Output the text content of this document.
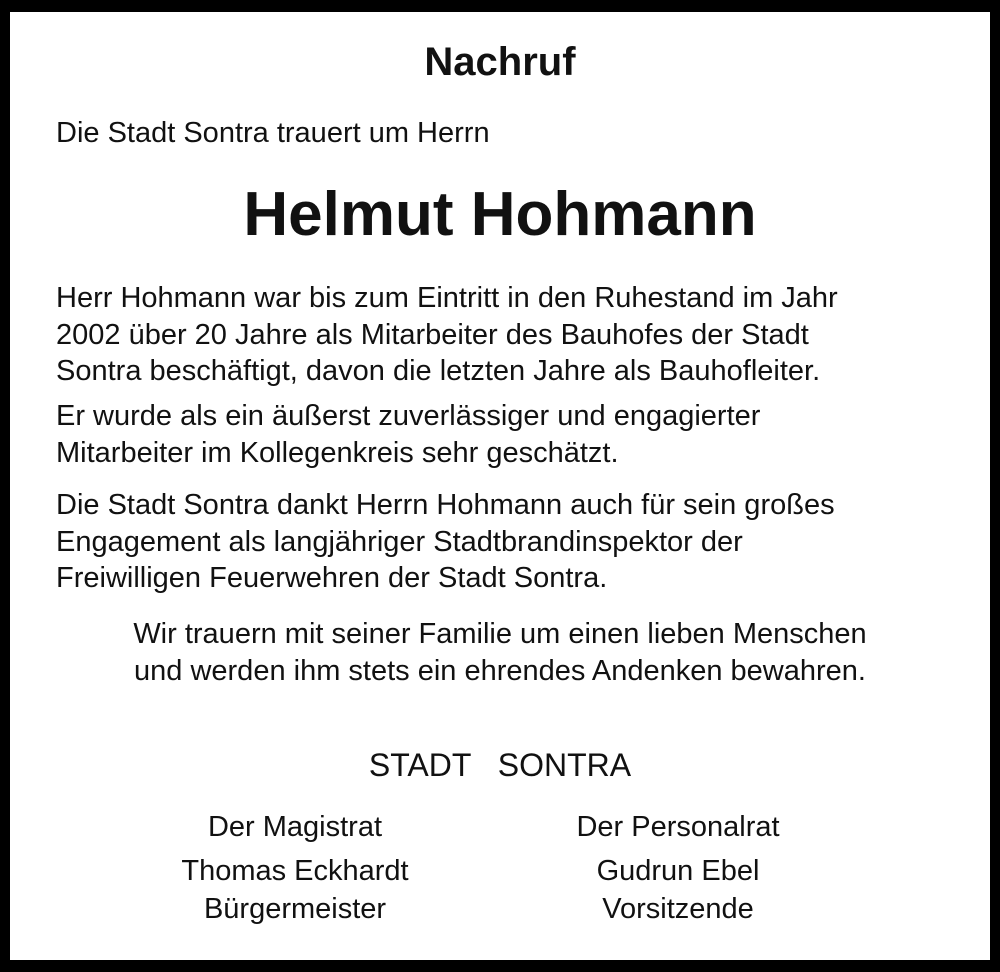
Nachruf
Die Stadt Sontra trauert um Herrn
Helmut Hohmann
Herr Hohmann war bis zum Eintritt in den Ruhestand im Jahr
2002 über 20 Jahre als Mitarbeiter des Bauhofes der Stadt
Sontra beschäftigt, davon die letzten Jahre als Bauhofleiter.
Er wurde als ein äußerst zuverlässiger und engagierter
Mitarbeiter im Kollegenkreis sehr geschätzt.
Die Stadt Sontra dankt Herrn Hohmann auch für sein großes
Engagement als langjähriger Stadtbrandinspektor der
Freiwilligen Feuerwehren der Stadt Sontra.
Wir trauern mit seiner Familie um einen lieben Menschen
und werden ihm stets ein ehrendes Andenken bewahren.
STADT SONTRA
Der Magistrat
Thomas Eckhardt
Bürgermeister
Der Personalrat
Gudrun Ebel
Vorsitzende
